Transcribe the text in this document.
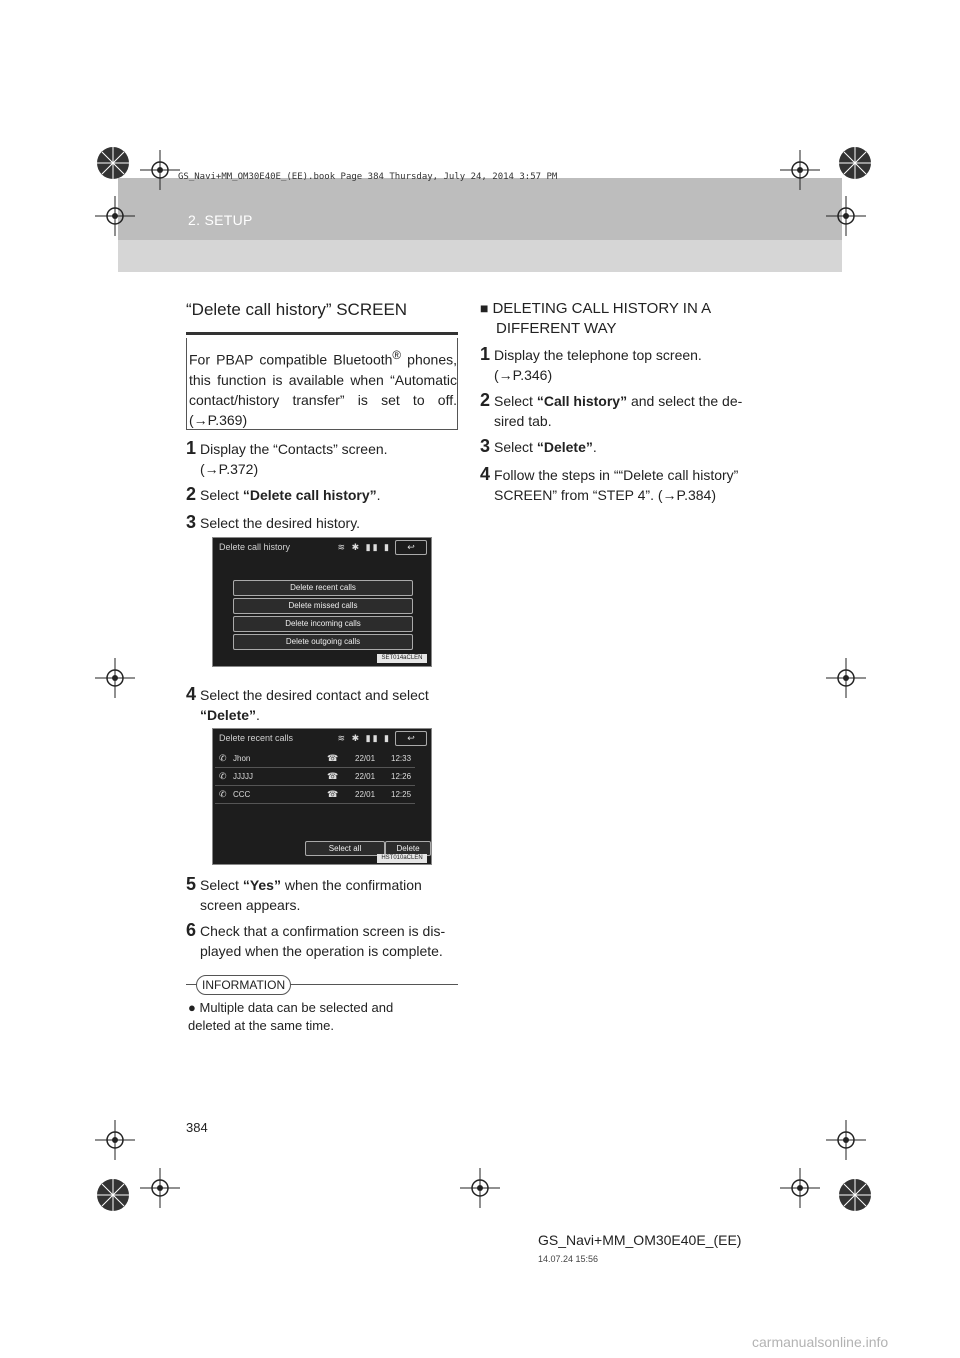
GS_Navi+MM_OM30E40E_(EE).book Page 384 Thursday, July 24, 2014 3:57 PM
2. SETUP
“Delete call history” SCREEN
For PBAP compatible Bluetooth® phones, this function is available when “Automatic contact/history transfer” is set to off. (→P.369)
1 Display the “Contacts” screen.
(→P.372)
2 Select “Delete call history”.
3 Select the desired history.
Delete call history	≋ ✱ ▮▮ ▮	↩
Delete recent calls
Delete missed calls
Delete incoming calls
Delete outgoing calls
SET014aCLEN
4 Select the desired contact and select
“Delete”.
Delete recent calls	≋ ✱ ▮▮ ▮	↩
✆ Jhon	☎ 22/01 12:33
✆ JJJJJ	☎ 22/01 12:26
✆ CCC	☎ 22/01 12:25
Select all	Delete
HST010aCLEN
5 Select “Yes” when the confirmation
screen appears.
6 Check that a confirmation screen is dis-
played when the operation is complete.
INFORMATION
● Multiple data can be selected and
deleted at the same time.
■ DELETING CALL HISTORY IN A
DIFFERENT WAY
1 Display the telephone top screen.
(→P.346)
2 Select “Call history” and select the de-
sired tab.
3 Select “Delete”.
4 Follow the steps in ““Delete call history”
SCREEN” from “STEP 4”. (→P.384)
384
GS_Navi+MM_OM30E40E_(EE)
14.07.24 15:56
carmanualsonline.info
